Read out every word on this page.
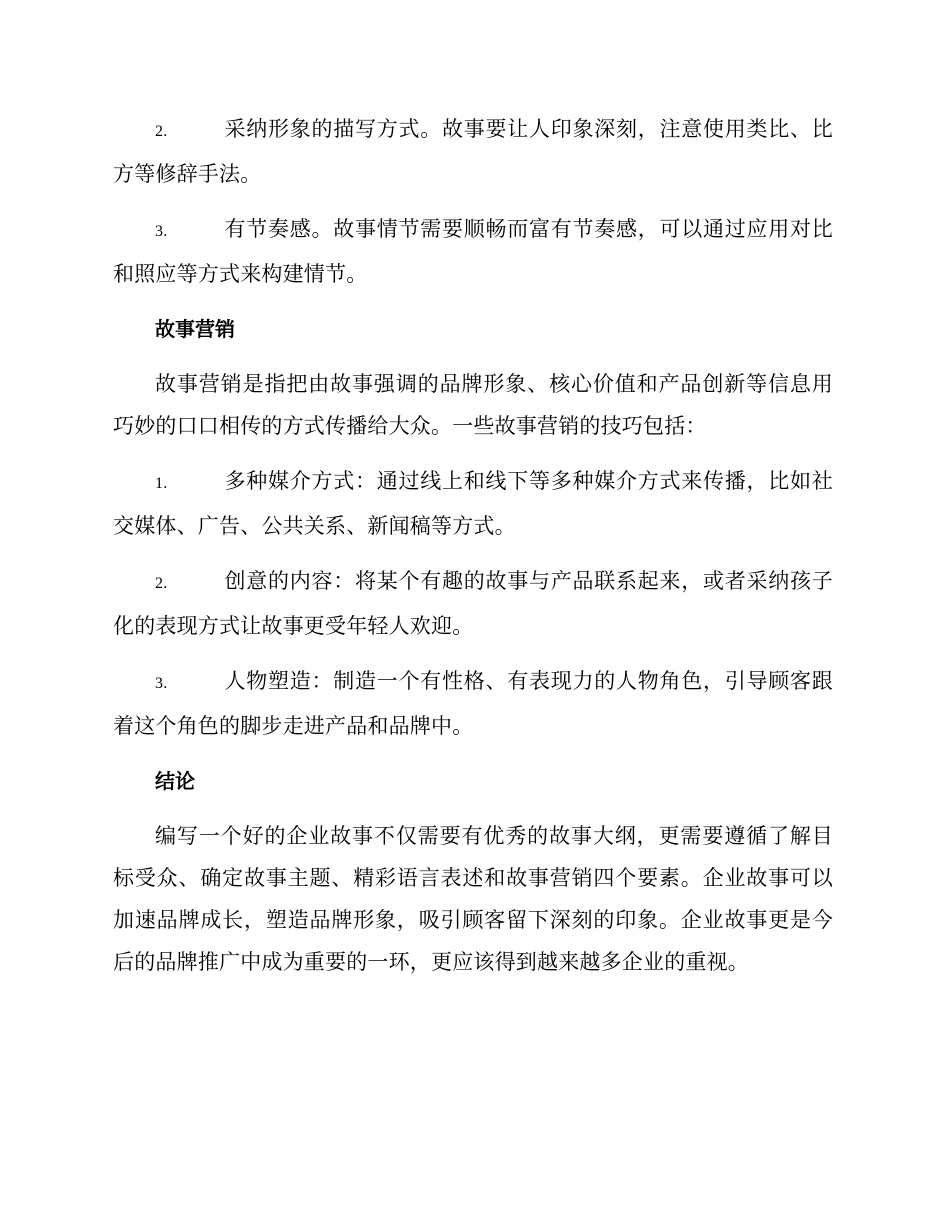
2.	采纳形象的描写方式。故事要让人印象深刻，注意使用类比、比方等修辞手法。

3.	有节奏感。故事情节需要顺畅而富有节奏感，可以通过应用对比和照应等方式来构建情节。

故事营销

故事营销是指把由故事强调的品牌形象、核心价值和产品创新等信息用巧妙的口口相传的方式传播给大众。一些故事营销的技巧包括：

1.	多种媒介方式：通过线上和线下等多种媒介方式来传播，比如社交媒体、广告、公共关系、新闻稿等方式。

2.	创意的内容：将某个有趣的故事与产品联系起来，或者采纳孩子化的表现方式让故事更受年轻人欢迎。

3.	人物塑造：制造一个有性格、有表现力的人物角色，引导顾客跟着这个角色的脚步走进产品和品牌中。

结论

编写一个好的企业故事不仅需要有优秀的故事大纲，更需要遵循了解目标受众、确定故事主题、精彩语言表述和故事营销四个要素。企业故事可以加速品牌成长，塑造品牌形象，吸引顾客留下深刻的印象。企业故事更是今后的品牌推广中成为重要的一环，更应该得到越来越多企业的重视。
